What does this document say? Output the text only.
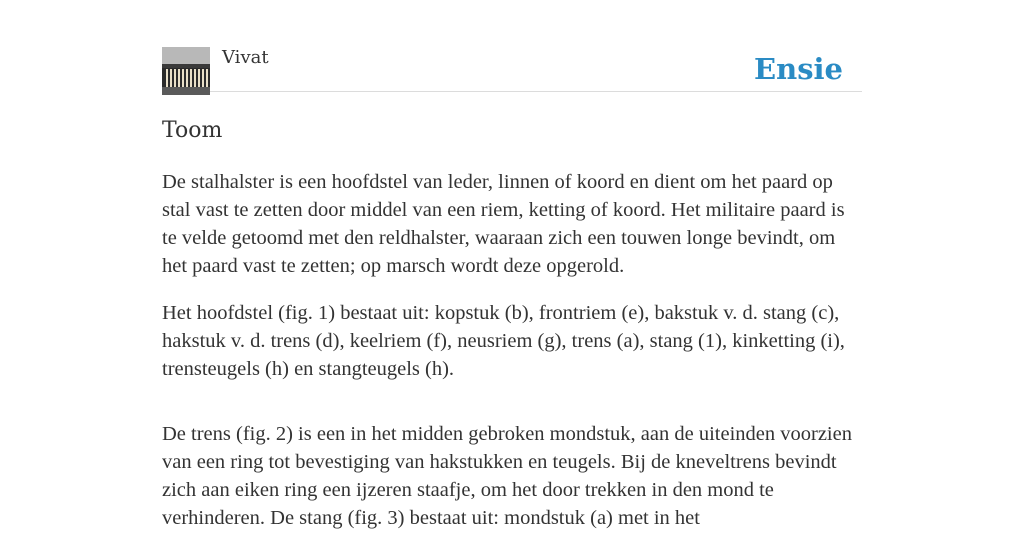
Vivat	Ensie
Toom

De stalhalster is een hoofdstel van leder, linnen of koord en dient om het paard op stal vast te zetten door middel van een riem, ketting of koord. Het militaire paard is te velde getoomd met den reldhalster, waaraan zich een touwen longe bevindt, om het paard vast te zetten; op marsch wordt deze opgerold.

Het hoofdstel (fig. 1) bestaat uit: kopstuk (b), frontriem (e), bakstuk v. d. stang (c), hakstuk v. d. trens (d), keelriem (f), neusriem (g), trens (a), stang (1), kinketting (i), trensteugels (h) en stangteugels (h).

De trens (fig. 2) is een in het midden gebroken mondstuk, aan de uiteinden voorzien van een ring tot bevestiging van hakstukken en teugels. Bij de kneveltrens bevindt zich aan eiken ring een ijzeren staafje, om het door trekken in den mond te verhinderen. De stang (fig. 3) bestaat uit: mondstuk (a) met in het
